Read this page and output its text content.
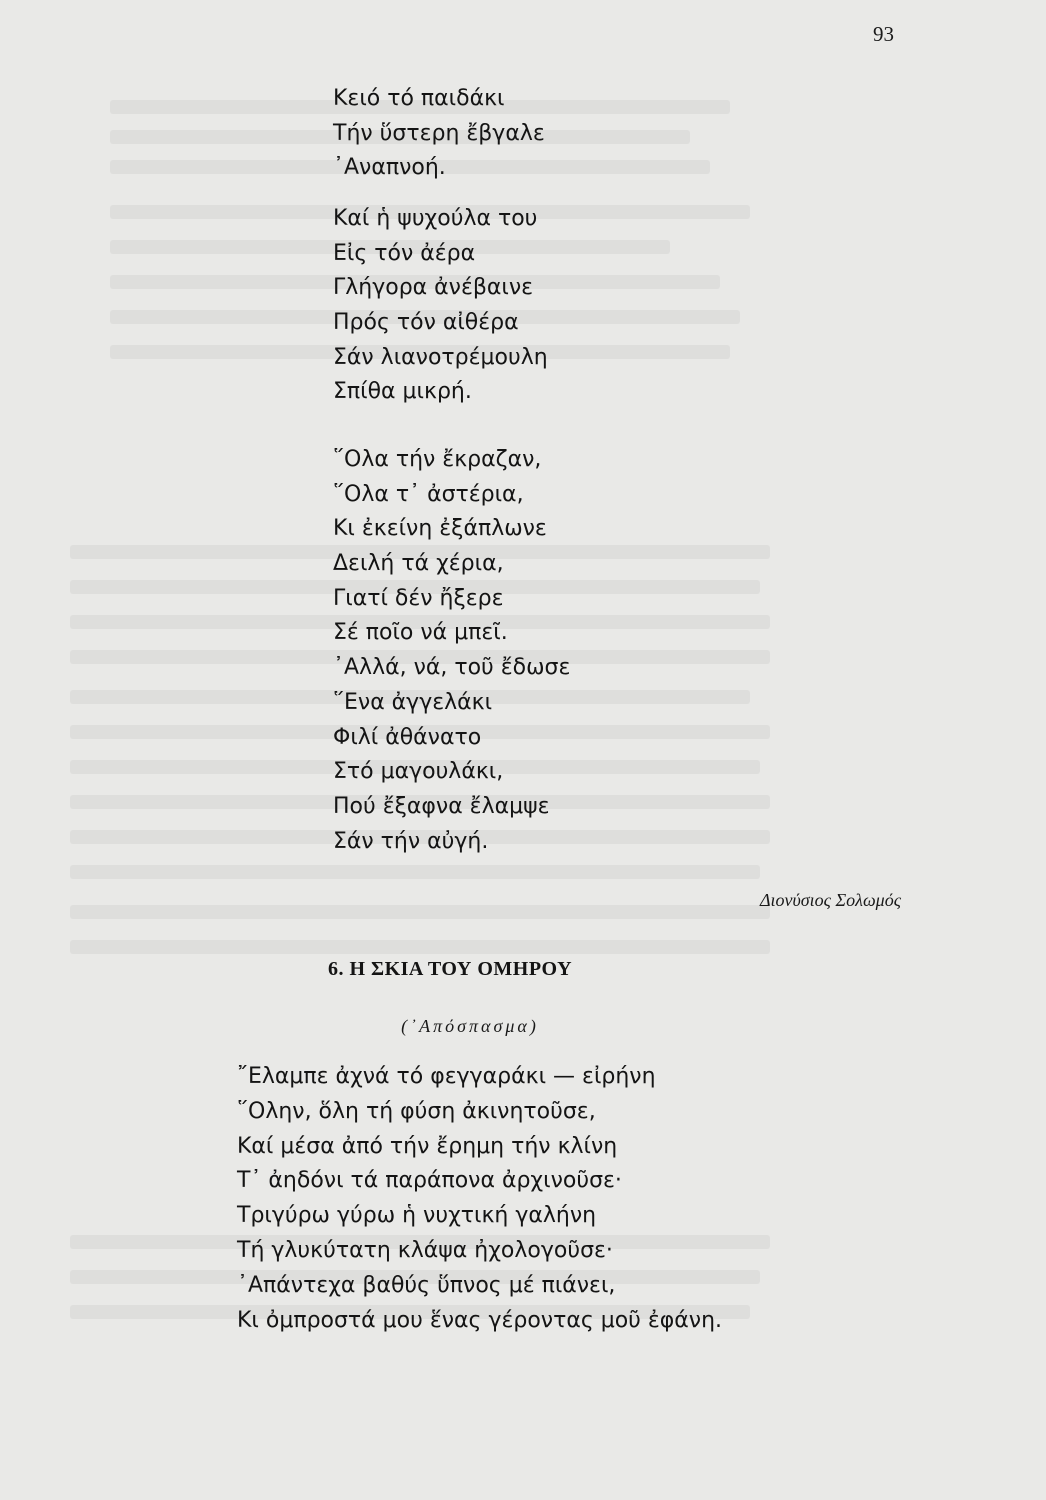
93
Κειό τό παιδάκι
Τήν ὕστερη ἔβγαλε
᾿Αναπνοή.
Καί ἡ ψυχούλα του
Εἰς τόν ἀέρα
Γλήγορα ἀνέβαινε
Πρός τόν αἰθέρα
Σάν λιανοτρέμουλη
Σπίθα μικρή.
῞Ολα τήν ἔκραζαν,
῞Ολα τ᾿ ἀστέρια,
Κι ἐκείνη ἐξάπλωνε
Δειλή τά χέρια,
Γιατί δέν ἤξερε
Σέ ποῖο νά μπεῖ.
᾿Αλλά, νά, τοῦ ἔδωσε
῞Ενα ἀγγελάκι
Φιλί ἀθάνατο
Στό μαγουλάκι,
Πού ἔξαφνα ἔλαμψε
Σάν τήν αὐγή.
Διονύσιος Σολωμός
6. Η ΣΚΙΑ ΤΟΥ ΟΜΗΡΟΥ
(᾿Απόσπασμα)
῎Ελαμπε ἀχνά τό φεγγαράκι — εἰρήνη
῞Ολην, ὅλη τή φύση ἀκινητοῦσε,
Καί μέσα ἀπό τήν ἔρημη τήν κλίνη
Τ᾿ ἀηδόνι τά παράπονα ἀρχινοῦσε·
Τριγύρω γύρω ἡ νυχτική γαλήνη
Τή γλυκύτατη κλάψα ἠχολογοῦσε·
᾿Απάντεχα βαθύς ὕπνος μέ πιάνει,
Κι ὀμπροστά μου ἕνας γέροντας μοῦ ἐφάνη.
